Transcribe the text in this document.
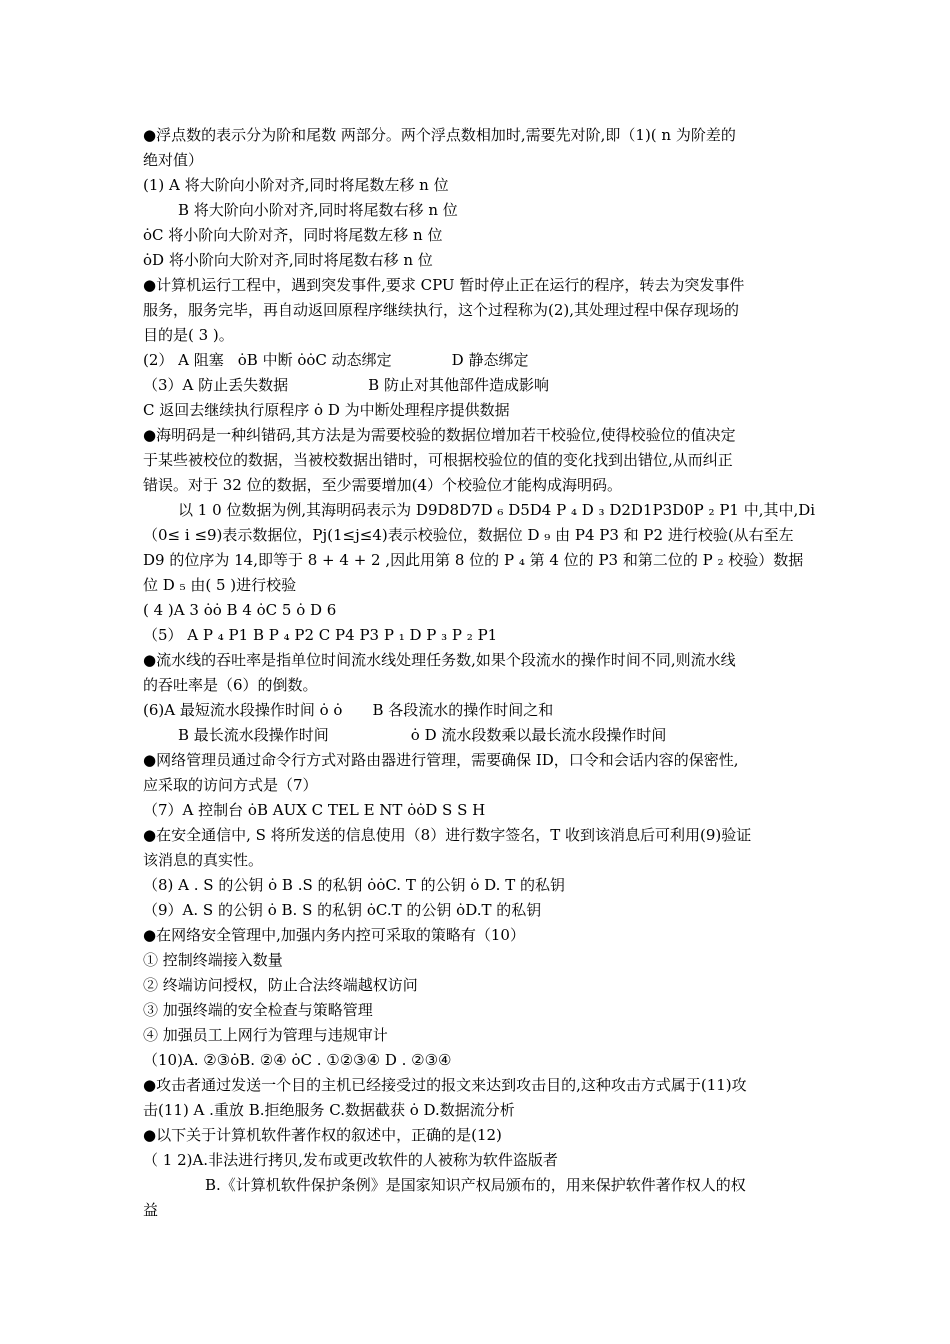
●浮点数的表示分为阶和尾数 两部分。两个浮点数相加时,需要先对阶,即（1)( n 为阶差的
绝对值）
(1) A 将大阶向小阶对齐,同时将尾数左移 n 位
B 将大阶向小阶对齐,同时将尾数右移 n 位
ȯC 将小阶向大阶对齐，同时将尾数左移 n 位
ȯD 将小阶向大阶对齐,同时将尾数右移 n 位
●计算机运行工程中，遇到突发事件,要求 CPU 暂时停止正在运行的程序，转去为突发事件
服务，服务完毕，再自动返回原程序继续执行，这个过程称为(2),其处理过程中保存现场的
目的是( 3 )。
(2） A 阻塞 ȯB 中断 ȯȯC 动态绑定	D 静态绑定
（3）A 防止丢失数据	B 防止对其他部件造成影响
C 返回去继续执行原程序 ȯ D 为中断处理程序提供数据
●海明码是一种纠错码,其方法是为需要校验的数据位增加若干校验位,使得校验位的值决定
于某些被校位的数据，当被校数据出错时，可根据校验位的值的变化找到出错位,从而纠正
错误。对于 32 位的数据，至少需要增加(4）个校验位才能构成海明码。
以 1 0 位数据为例,其海明码表示为 D9D8D7D ₆ D5D4 P ₄ D ₃ D2D1P3D0P ₂ P1 中,其中,Di
（0≤ i ≤9)表示数据位，Pj(1≤j≤4)表示校验位，数据位 D ₉ 由 P4 P3 和 P2 进行校验(从右至左
D9 的位序为 14,即等于 8 + 4 + 2 ,因此用第 8 位的 P ₄ 第 4 位的 P3 和第二位的 P ₂ 校验）数据
位 D ₅ 由( 5 )进行校验
( 4 )A 3 ȯȯ B 4 ȯC 5 ȯ D 6
（5） A P ₄ P1 B P ₄ P2 C P4 P3 P ₁ D P ₃ P ₂ P1
●流水线的吞吐率是指单位时间流水线处理任务数,如果个段流水的操作时间不同,则流水线
的吞吐率是（6）的倒数。
(6)A 最短流水段操作时间 ȯ ȯ B 各段流水的操作时间之和
B 最长流水段操作时间	ȯ D 流水段数乘以最长流水段操作时间
●网络管理员通过命令行方式对路由器进行管理，需要确保 ID，口令和会话内容的保密性,
应采取的访问方式是（7）
（7）A 控制台 ȯB AUX C TEL E NT ȯȯD S S H
●在安全通信中, S 将所发送的信息使用（8）进行数字签名，T 收到该消息后可利用(9)验证
该消息的真实性。
（8) A . S 的公钥 ȯ B .S 的私钥 ȯȯC. T 的公钥 ȯ D. T 的私钥
（9）A. S 的公钥 ȯ B. S 的私钥 ȯC.T 的公钥 ȯD.T 的私钥
●在网络安全管理中,加强内务内控可采取的策略有（10）
① 控制终端接入数量
② 终端访问授权，防止合法终端越权访问
③ 加强终端的安全检查与策略管理
④ 加强员工上网行为管理与违规审计
（10)A. ②③ȯB. ②④ ȯC . ①②③④ D . ②③④
●攻击者通过发送一个目的主机已经接受过的报文来达到攻击目的,这种攻击方式属于(11)攻
击(11) A .重放 B.拒绝服务 C.数据截获 ȯ D.数据流分析
●以下关于计算机软件著作权的叙述中，正确的是(12)
（ 1 2)A.非法进行拷贝,发布或更改软件的人被称为软件盗版者
B.《计算机软件保护条例》是国家知识产权局颁布的，用来保护软件著作权人的权
益
